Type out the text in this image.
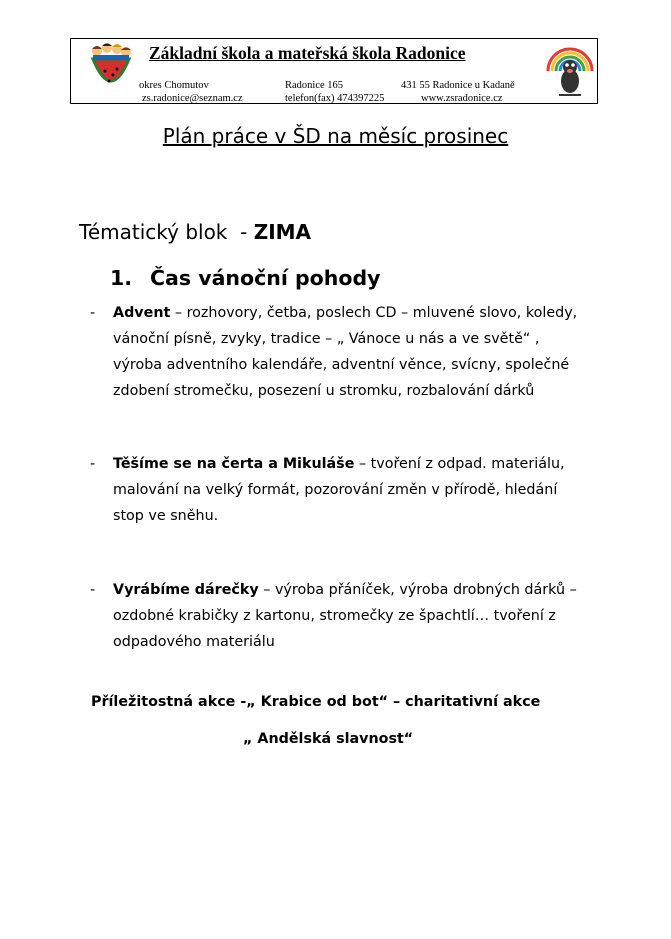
Základní škola a mateřská škola Radonice
okres Chomutov	Radonice 165	431 55 Radonice u Kadaně
zs.radonice@seznam.cz	telefon(fax) 474397225	www.zsradonice.cz
Plán práce v ŠD na měsíc prosinec
Tématický blok  - ZIMA
1. Čas vánoční pohody
- Advent – rozhovory, četba, poslech CD – mluvené slovo, koledy, vánoční písně, zvyky, tradice – „ Vánoce u nás a ve světě“ , výroba adventního kalendáře, adventní věnce, svícny, společné zdobení stromečku, posezení u stromku, rozbalování dárků
- Těšíme se na čerta a Mikuláše – tvoření z odpad. materiálu, malování na velký formát, pozorování změn v přírodě, hledání stop ve sněhu.
- Vyrábíme dárečky – výroba přáníček, výroba drobných dárků – ozdobné krabičky z kartonu, stromečky ze špachtlí… tvoření z odpadového materiálu
Příležitostná akce -„ Krabice od bot“ – charitativní akce
„ Andělská slavnost“
